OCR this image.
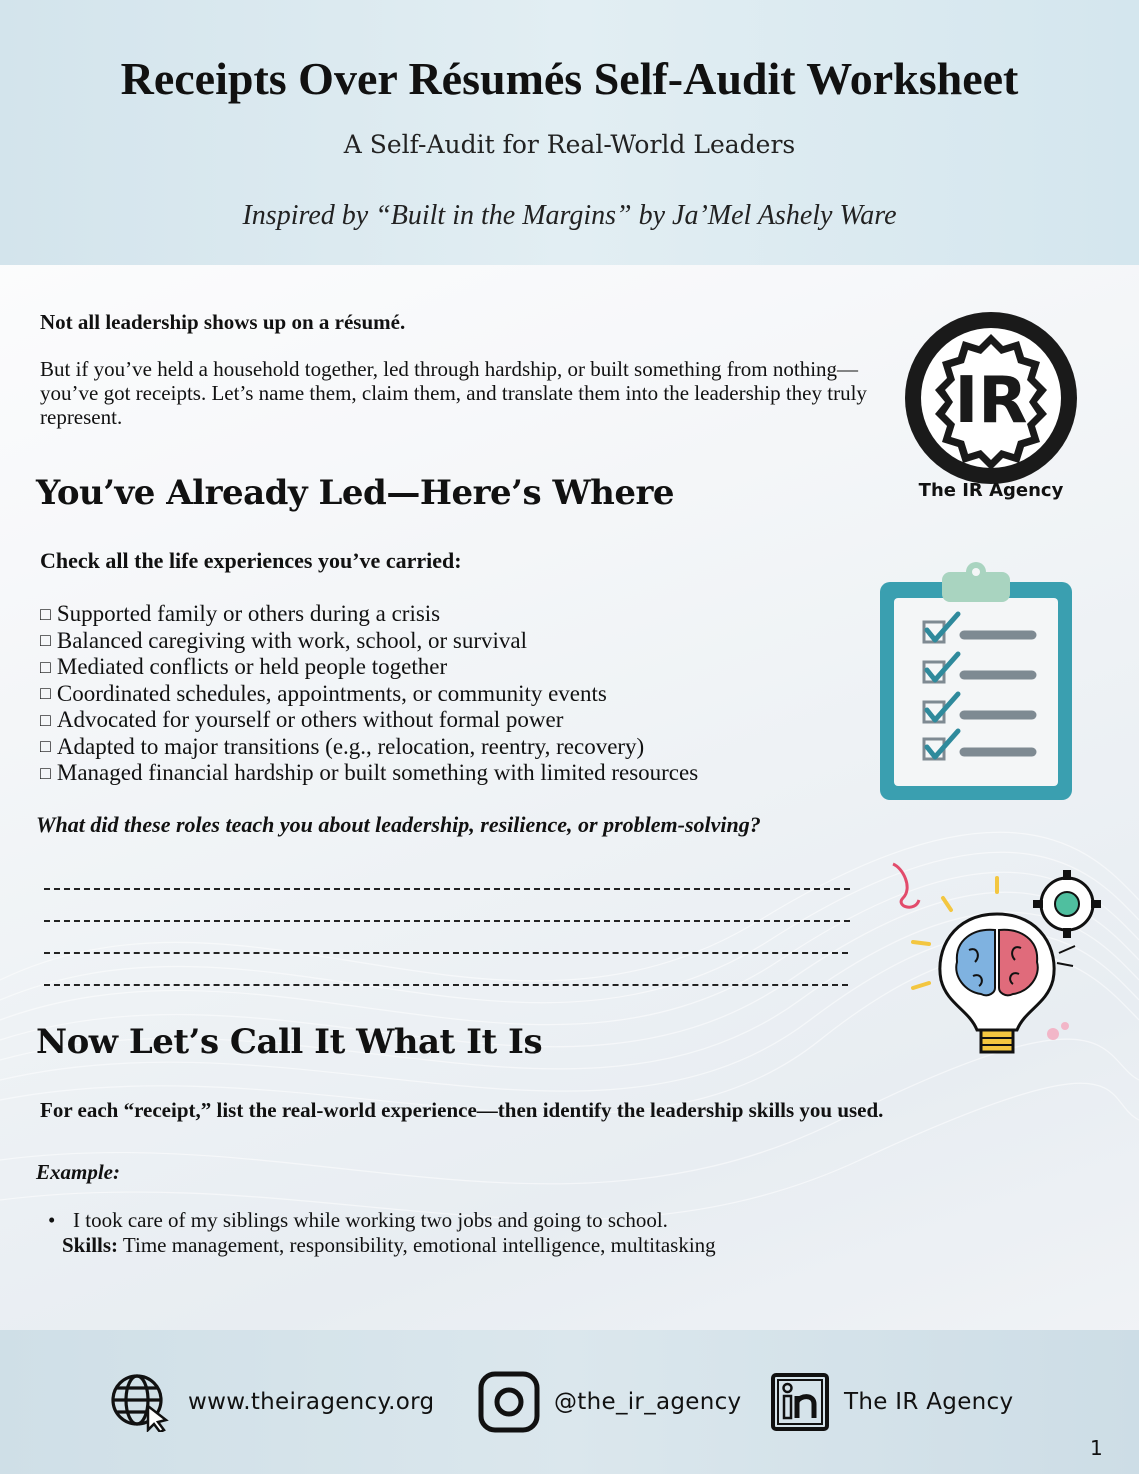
Receipts Over Résumés Self-Audit Worksheet
A Self-Audit for Real-World Leaders
Inspired by “Built in the Margins” by Ja’Mel Ashely Ware
Not all leadership shows up on a résumé.
But if you’ve held a household together, led through hardship, or built something from nothing—you’ve got receipts. Let’s name them, claim them, and translate them into the leadership they truly represent.	IR
The IR Agency
You’ve Already Led—Here’s Where
Check all the life experiences you’ve carried:
□ Supported family or others during a crisis
□ Balanced caregiving with work, school, or survival
□ Mediated conflicts or held people together
□ Coordinated schedules, appointments, or community events
□ Advocated for yourself or others without formal power
□ Adapted to major transitions (e.g., relocation, reentry, recovery)
□ Managed financial hardship or built something with limited resources
What did these roles teach you about leadership, resilience, or problem-solving?
Now Let’s Call It What It Is
For each “receipt,” list the real-world experience—then identify the leadership skills you used.
Example:
• I took care of my siblings while working two jobs and going to school.
Skills: Time management, responsibility, emotional intelligence, multitasking
www.theiragency.org	@the_ir_agency	The IR Agency
1
